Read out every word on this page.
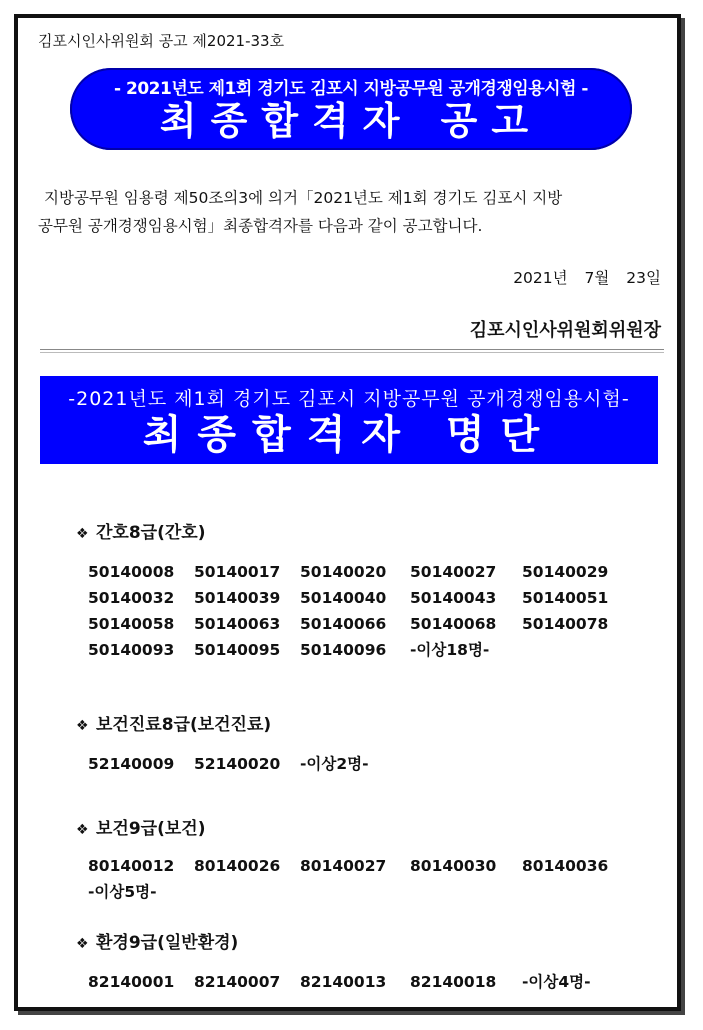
김포시인사위원회 공고 제2021-33호
- 2021년도 제1회 경기도 김포시 지방공무원 공개경쟁임용시험 -
최종합격자 공고

지방공무원 임용령 제50조의3에 의거「2021년도 제1회 경기도 김포시 지방

공무원 공개경쟁임용시험」최종합격자를 다음과 같이 공고합니다.

2021년 7월 23일
김포시인사위원회위원장
-2021년도 제1회 경기도 김포시 지방공무원 공개경쟁임용시험-
최종합격자 명단
❖ 간호8급(간호)
50140008 50140017 50140020 50140027 50140029
50140032 50140039 50140040 50140043 50140051
50140058 50140063 50140066 50140068 50140078
50140093 50140095 50140096 -이상18명-
❖ 보건진료8급(보건진료)
52140009 52140020 -이상2명-
❖ 보건9급(보건)
80140012 80140026 80140027 80140030 80140036
-이상5명-
❖ 환경9급(일반환경)
82140001 82140007 82140013 82140018 -이상4명-
